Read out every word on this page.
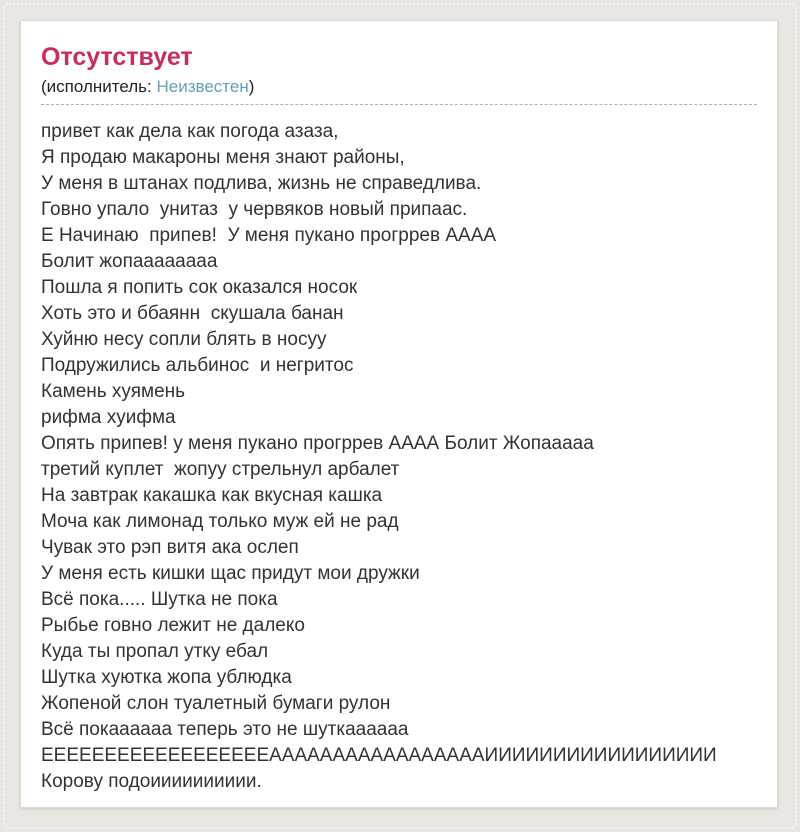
Отсутствует

(исполнитель: Неизвестен)

привет как дела как погода азаза,
Я продаю макароны меня знают районы,
У меня в штанах подлива, жизнь не справедлива.
Говно упало  унитаз  у червяков новый припаас.
Е Начинаю  припев!  У меня пукано прогррев АААА
Болит жопаааааааа
Пошла я попить сок оказался носок
Хоть это и ббаянн  скушала банан
Хуйню несу сопли блять в носуу
Подружились альбинос  и негритос
Камень хуямень
рифма хуифма
Опять припев! у меня пукано прогррев АААА Болит Жопааааа
третий куплет  жопуу стрельнул арбалет
На завтрак какашка как вкусная кашка
Моча как лимонад только муж ей не рад
Чувак это рэп витя ака ослеп
У меня есть кишки щас придут мои дружки
Всё пока..... Шутка не пока
Рыбье говно лежит не далеко
Куда ты пропал утку ебал
Шутка хуютка жопа ублюдка
Жопеной слон туалетный бумаги рулон
Всё покаааааа теперь это не шуткаааааа
ЕЕЕЕЕЕЕЕЕЕЕЕЕЕЕЕЕЕАААААААААААААААААИИИИИИИИИИИИИИИИИ
Корову подоииииииииии.
